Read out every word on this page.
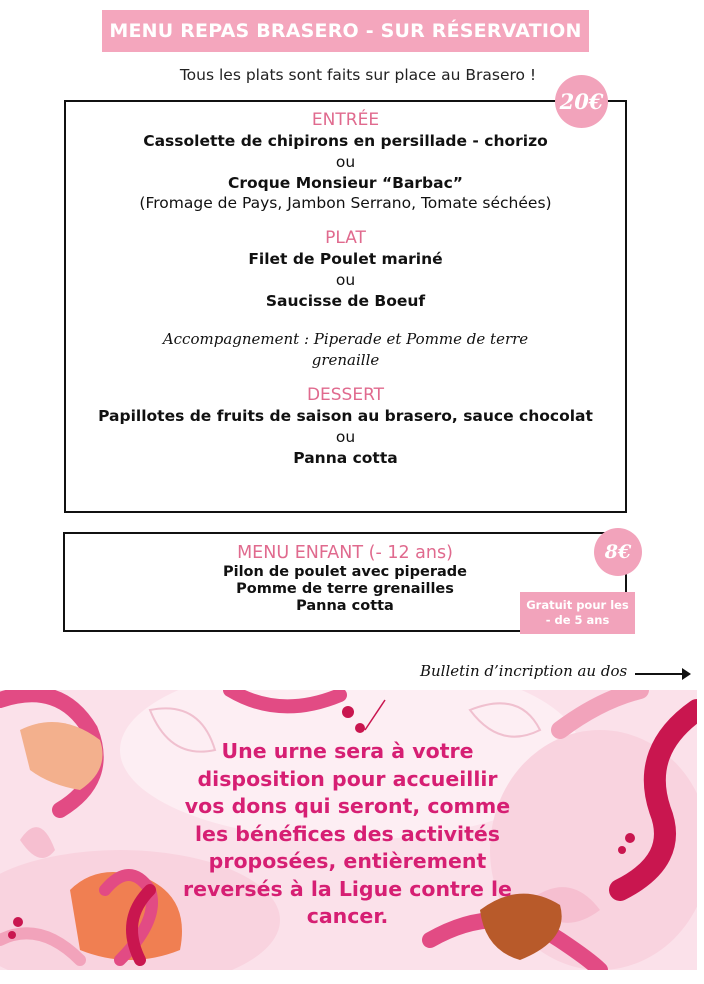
MENU REPAS BRASERO - SUR RÉSERVATION
Tous les plats sont faits sur place au Brasero !
ENTRÉE
Cassolette de chipirons en persillade - chorizo
ou
Croque Monsieur “Barbac”
(Fromage de Pays, Jambon Serrano, Tomate séchées)
PLAT
Filet de Poulet mariné
ou
Saucisse de Boeuf
Accompagnement : Piperade et Pomme de terre
grenaille
DESSERT
Papillotes de fruits de saison au brasero, sauce chocolat
ou
Panna cotta
20€
MENU ENFANT (- 12 ans)
Pilon de poulet avec piperade
Pomme de terre grenailles
Panna cotta
8€
Gratuit pour les
- de 5 ans
Bulletin d’incription au dos
Une urne sera à votre
disposition pour accueillir
vos dons qui seront, comme
les bénéfices des activités
proposées, entièrement
reversés à la Ligue contre le
cancer.
